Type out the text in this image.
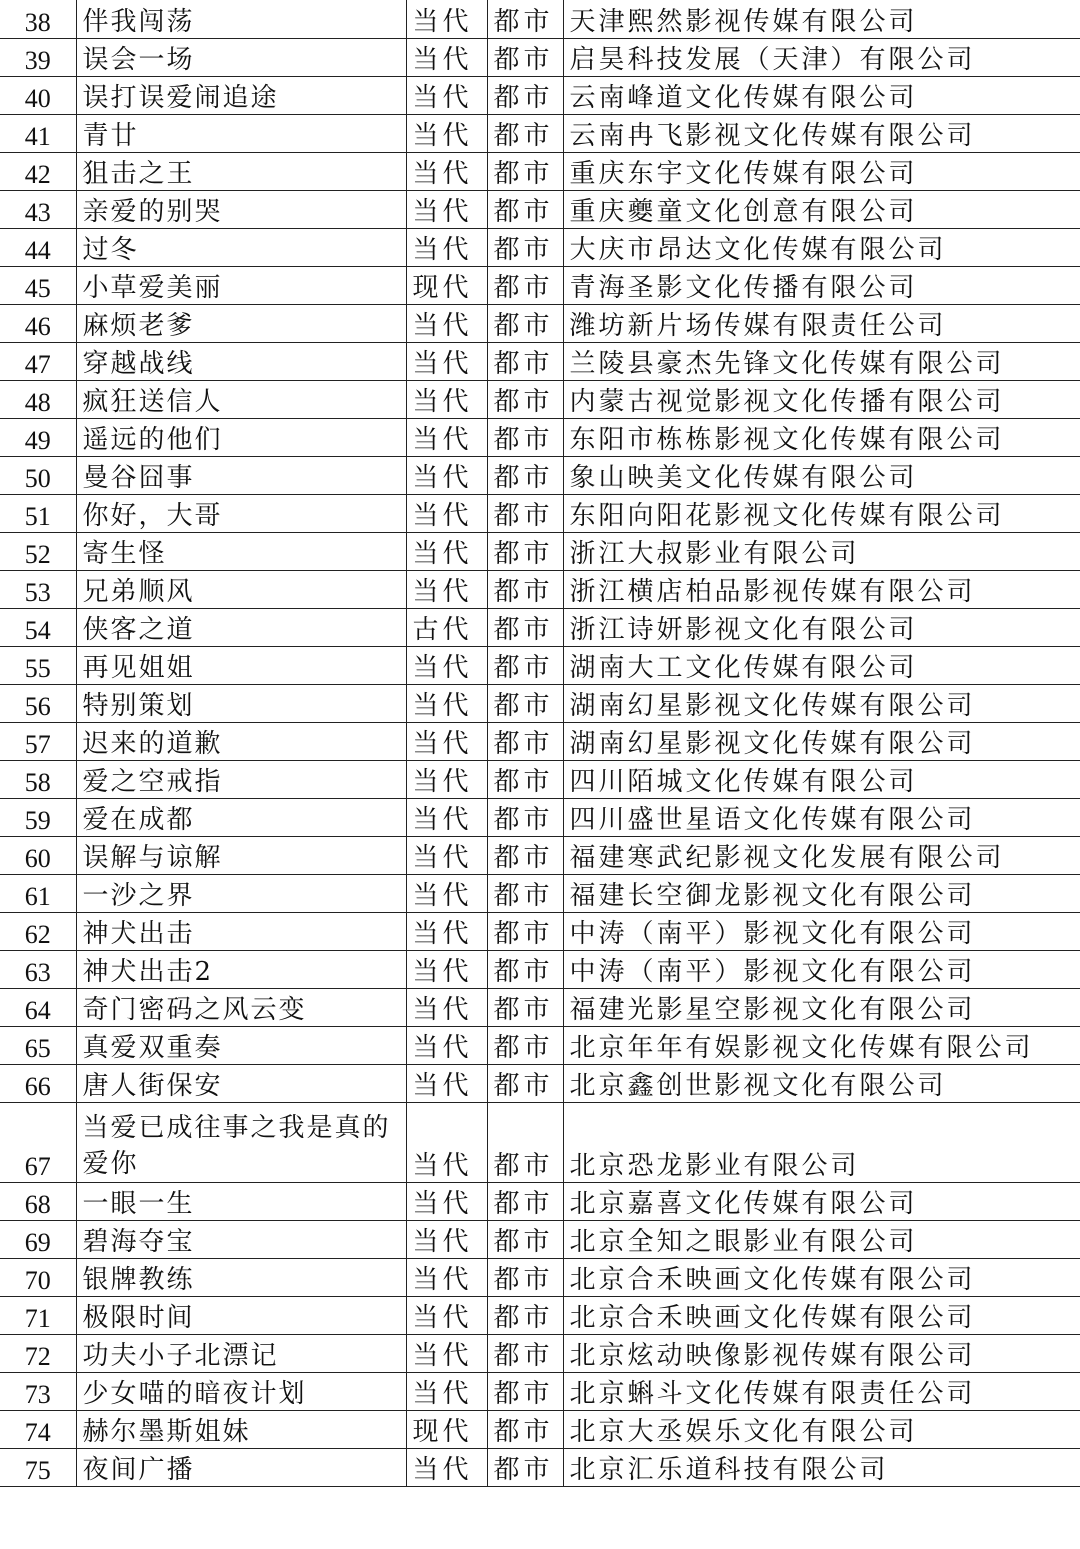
38	伴我闯荡	当代	都市	天津熙然影视传媒有限公司
39	误会一场	当代	都市	启昊科技发展（天津）有限公司
40	误打误爱闹追途	当代	都市	云南峰道文化传媒有限公司
41	青廿	当代	都市	云南冉飞影视文化传媒有限公司
42	狙击之王	当代	都市	重庆东宇文化传媒有限公司
43	亲爱的别哭	当代	都市	重庆夔童文化创意有限公司
44	过冬	当代	都市	大庆市昂达文化传媒有限公司
45	小草爱美丽	现代	都市	青海圣影文化传播有限公司
46	麻烦老爹	当代	都市	潍坊新片场传媒有限责任公司
47	穿越战线	当代	都市	兰陵县豪杰先锋文化传媒有限公司
48	疯狂送信人	当代	都市	内蒙古视觉影视文化传播有限公司
49	遥远的他们	当代	都市	东阳市栋栋影视文化传媒有限公司
50	曼谷囧事	当代	都市	象山映美文化传媒有限公司
51	你好，大哥	当代	都市	东阳向阳花影视文化传媒有限公司
52	寄生怪	当代	都市	浙江大叔影业有限公司
53	兄弟顺风	当代	都市	浙江横店柏品影视传媒有限公司
54	侠客之道	古代	都市	浙江诗妍影视文化有限公司
55	再见姐姐	当代	都市	湖南大工文化传媒有限公司
56	特别策划	当代	都市	湖南幻星影视文化传媒有限公司
57	迟来的道歉	当代	都市	湖南幻星影视文化传媒有限公司
58	爱之空戒指	当代	都市	四川陌城文化传媒有限公司
59	爱在成都	当代	都市	四川盛世星语文化传媒有限公司
60	误解与谅解	当代	都市	福建寒武纪影视文化发展有限公司
61	一沙之界	当代	都市	福建长空御龙影视文化有限公司
62	神犬出击	当代	都市	中涛（南平）影视文化有限公司
63	神犬出击2	当代	都市	中涛（南平）影视文化有限公司
64	奇门密码之风云变	当代	都市	福建光影星空影视文化有限公司
65	真爱双重奏	当代	都市	北京年年有娱影视文化传媒有限公司
66	唐人街保安	当代	都市	北京鑫创世影视文化有限公司
67	当爱已成往事之我是真的爱你	当代	都市	北京恐龙影业有限公司
68	一眼一生	当代	都市	北京嘉喜文化传媒有限公司
69	碧海夺宝	当代	都市	北京全知之眼影业有限公司
70	银牌教练	当代	都市	北京合禾映画文化传媒有限公司
71	极限时间	当代	都市	北京合禾映画文化传媒有限公司
72	功夫小子北漂记	当代	都市	北京炫动映像影视传媒有限公司
73	少女喵的暗夜计划	当代	都市	北京蝌斗文化传媒有限责任公司
74	赫尔墨斯姐妹	现代	都市	北京大丞娱乐文化有限公司
75	夜间广播	当代	都市	北京汇乐道科技有限公司
